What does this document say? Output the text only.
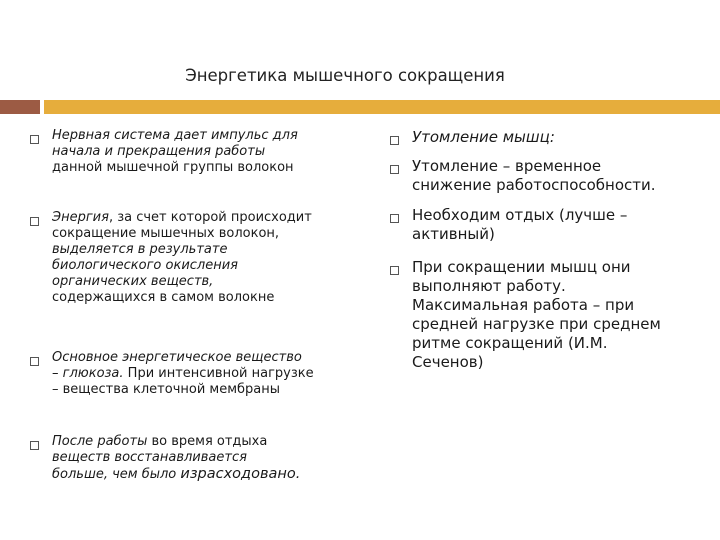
Энергетика мышечного сокращения
Нервная система дает импульс для
начала и прекращения работы
данной мышечной группы волокон
Энергия, за счет которой происходит
сокращение мышечных волокон,
выделяется в результате
биологического окисления
органических веществ,
содержащихся в самом волокне
Основное энергетическое вещество
– глюкоза. При интенсивной нагрузке
– вещества клеточной мембраны
После работы во время отдыха
веществ восстанавливается
больше, чем было израсходовано.
Утомление мышц:
Утомление – временное
снижение работоспособности.
Необходим отдых (лучше –
активный)
При сокращении мышц они
выполняют работу.
Максимальная работа – при
средней нагрузке при среднем
ритме сокращений (И.М.
Сеченов)
